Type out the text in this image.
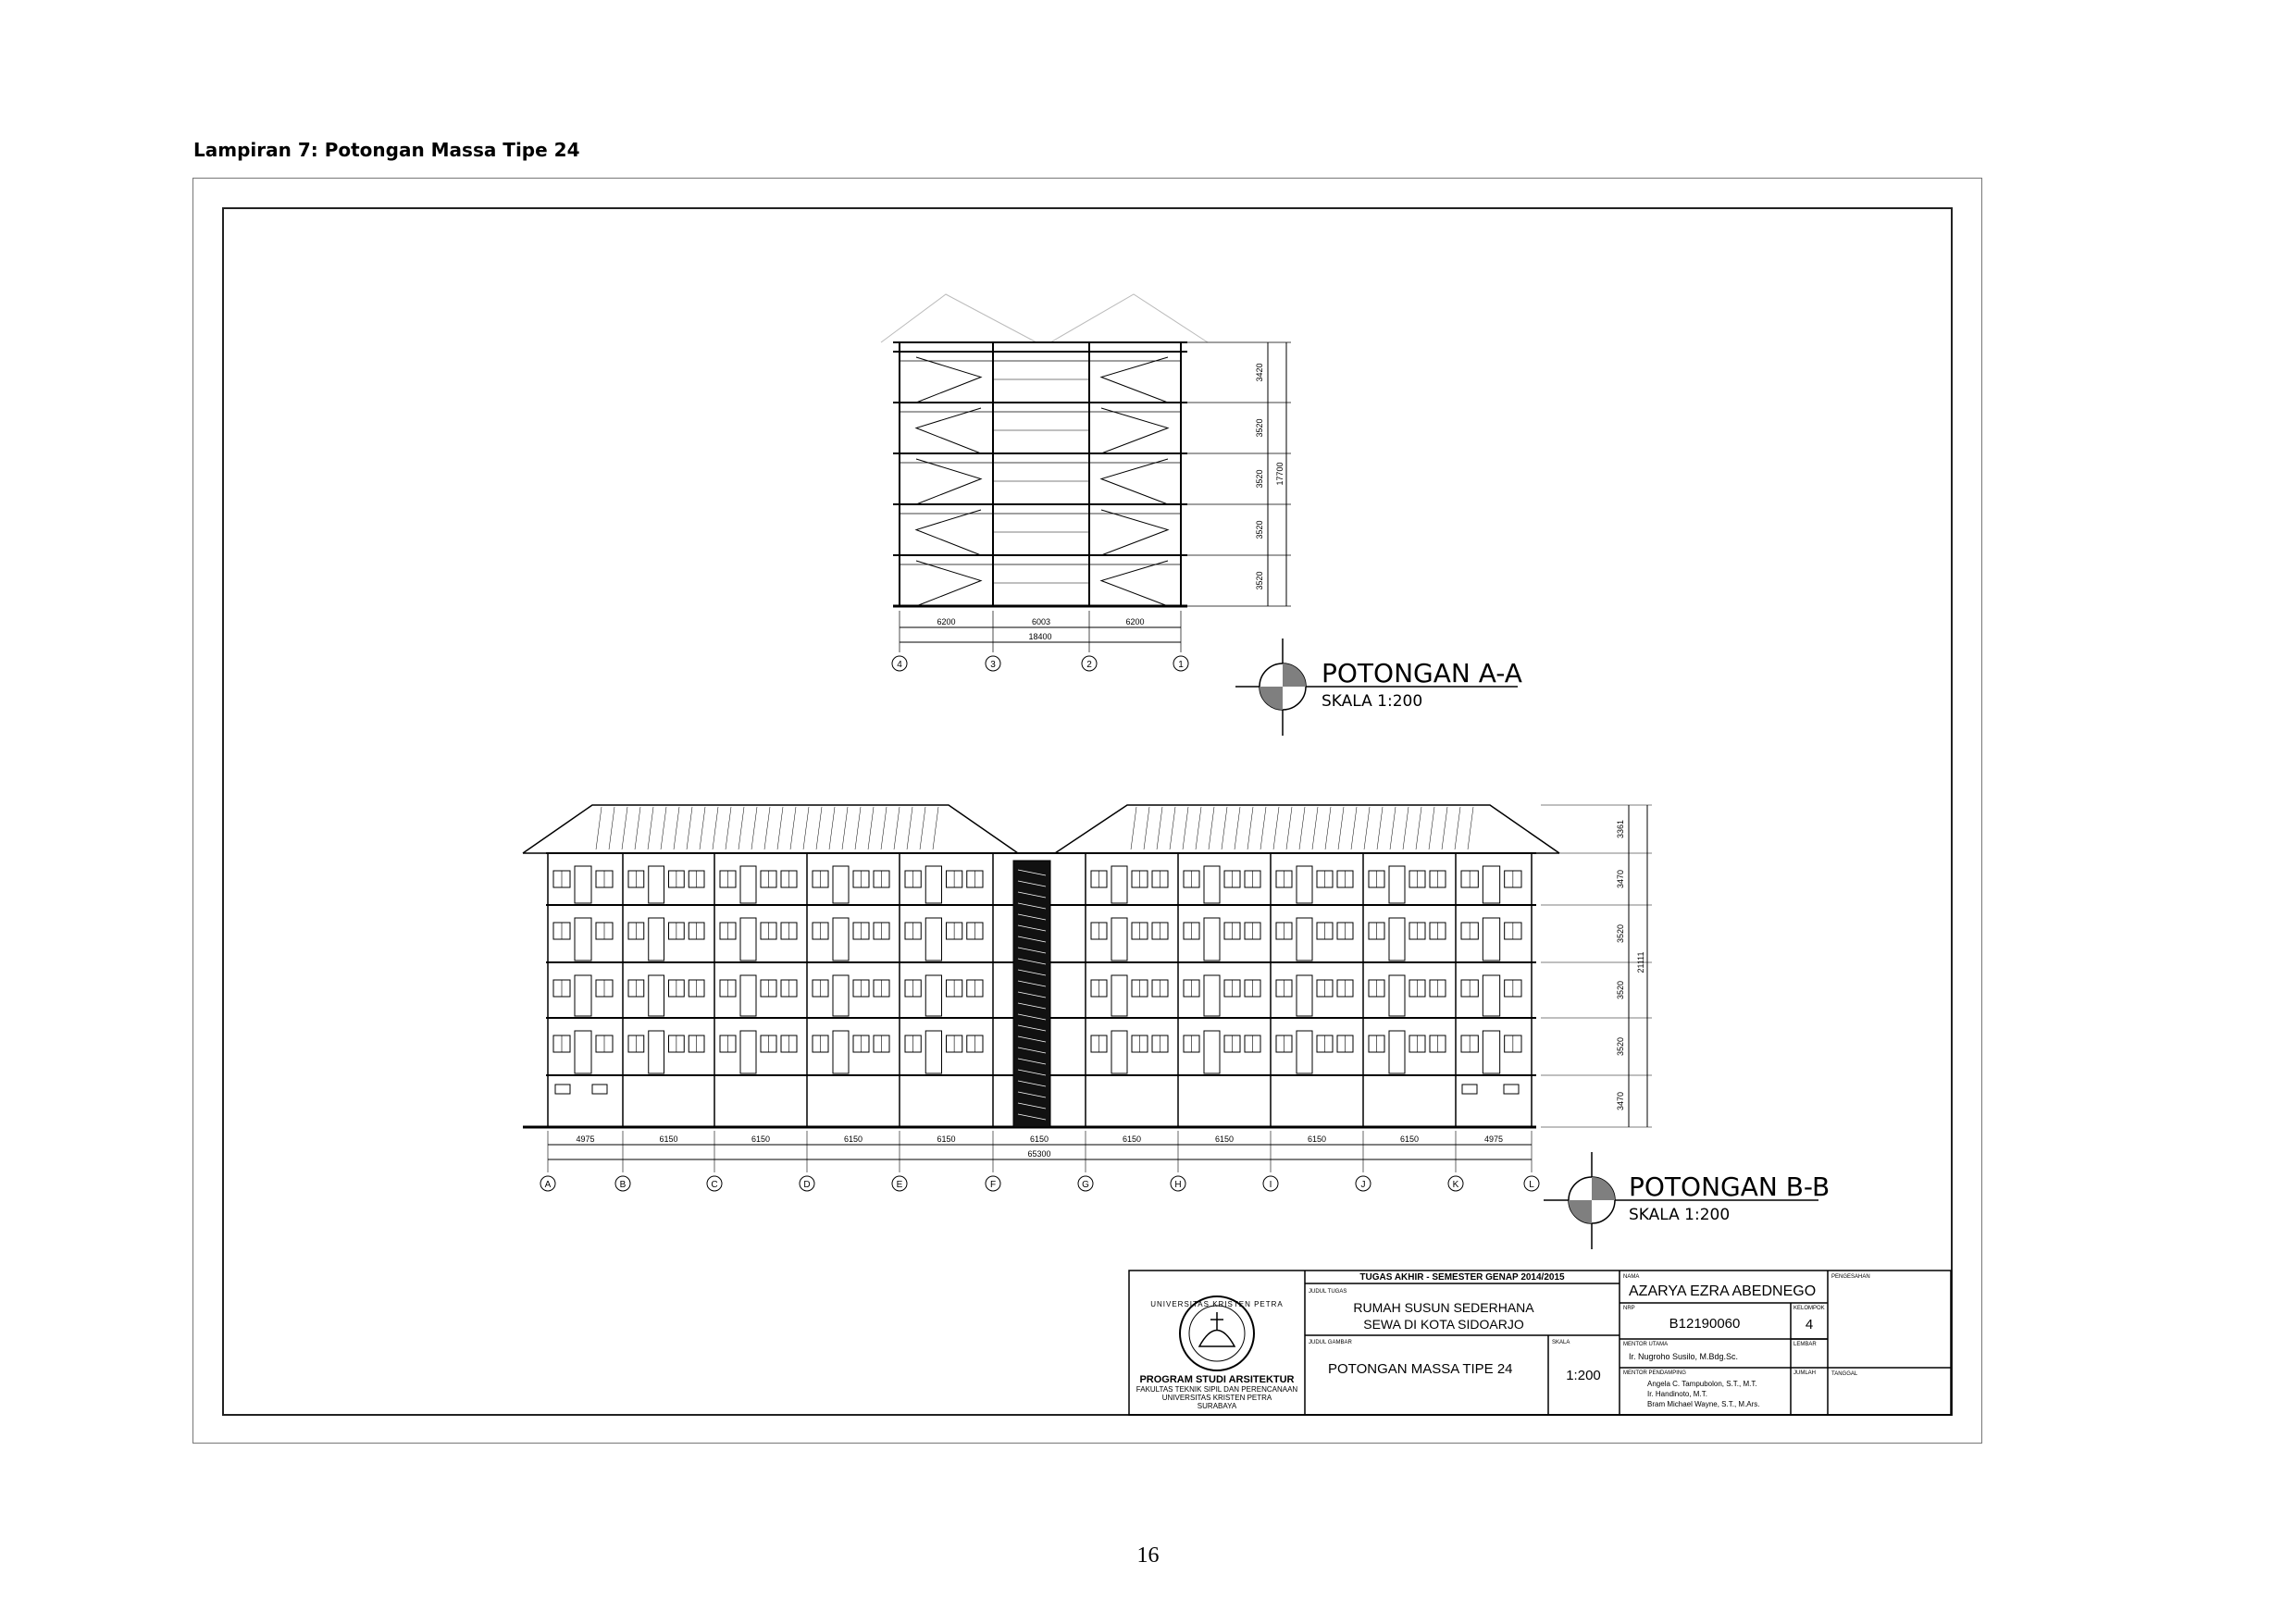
Lampiran 7: Potongan Massa Tipe 24
3420
3520
3520
3520
3520
17700
6200	6003	6200
18400
4	3	2	1
3361
3470
3520
3520
3520
3470
21111
4975	6150	6150	6150	6150	6150	6150	6150	6150	6150	4975
65300
A	B	C	D	E	F	G	H	I	J	K	L
POTONGAN A-A
SKALA 1:200
POTONGAN B-B
SKALA 1:200
UNIVERSITAS KRISTEN PETRA
PROGRAM STUDI ARSITEKTUR
FAKULTAS TEKNIK SIPIL DAN PERENCANAAN
UNIVERSITAS KRISTEN PETRA
SURABAYA
TUGAS AKHIR - SEMESTER GENAP 2014/2015
JUDUL TUGAS
RUMAH SUSUN SEDERHANA
SEWA DI KOTA SIDOARJO
JUDUL GAMBAR
POTONGAN MASSA TIPE 24
SKALA
1:200
NAMA
AZARYA EZRA ABEDNEGO
NRP
B12190060
KELOMPOK
4
MENTOR UTAMA
Ir. Nugroho Susilo, M.Bdg.Sc.
LEMBAR
MENTOR PENDAMPING
Angela C. Tampubolon, S.T., M.T.
Ir. Handinoto, M.T.
Bram Michael Wayne, S.T., M.Ars.
JUMLAH
PENGESAHAN
TANGGAL
16
